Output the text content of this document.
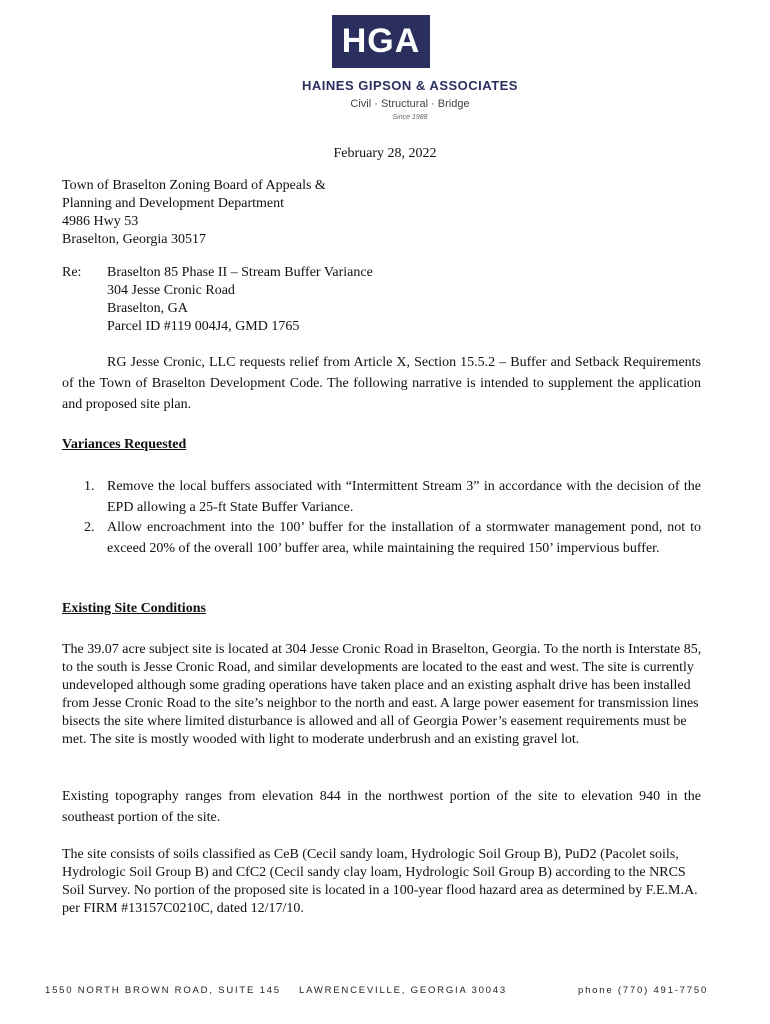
HGA
HAINES GIPSON & ASSOCIATES
Civil · Structural · Bridge
Since 1988
February 28, 2022
Town of Braselton Zoning Board of Appeals &
Planning and Development Department
4986 Hwy 53
Braselton, Georgia 30517
Re: Braselton 85 Phase II – Stream Buffer Variance
304 Jesse Cronic Road
Braselton, GA
Parcel ID #119 004J4, GMD 1765
RG Jesse Cronic, LLC requests relief from Article X, Section 15.5.2 – Buffer and Setback Requirements of the Town of Braselton Development Code. The following narrative is intended to supplement the application and proposed site plan.
Variances Requested
1. Remove the local buffers associated with “Intermittent Stream 3” in accordance with the decision of the EPD allowing a 25-ft State Buffer Variance.
2. Allow encroachment into the 100’ buffer for the installation of a stormwater management pond, not to exceed 20% of the overall 100’ buffer area, while maintaining the required 150’ impervious buffer.
Existing Site Conditions
The 39.07 acre subject site is located at 304 Jesse Cronic Road in Braselton, Georgia. To the north is Interstate 85, to the south is Jesse Cronic Road, and similar developments are located to the east and west. The site is currently undeveloped although some grading operations have taken place and an existing asphalt drive has been installed from Jesse Cronic Road to the site’s neighbor to the north and east. A large power easement for transmission lines bisects the site where limited disturbance is allowed and all of Georgia Power’s easement requirements must be met. The site is mostly wooded with light to moderate underbrush and an existing gravel lot.
Existing topography ranges from elevation 844 in the northwest portion of the site to elevation 940 in the southeast portion of the site.
The site consists of soils classified as CeB (Cecil sandy loam, Hydrologic Soil Group B), PuD2 (Pacolet soils, Hydrologic Soil Group B) and CfC2 (Cecil sandy clay loam, Hydrologic Soil Group B) according to the NRCS Soil Survey. No portion of the proposed site is located in a 100-year flood hazard area as determined by F.E.M.A. per FIRM #13157C0210C, dated 12/17/10.
1550 NORTH BROWN ROAD, SUITE 145 LAWRENCEVILLE, GEORGIA 30043	phone (770) 491-7750
